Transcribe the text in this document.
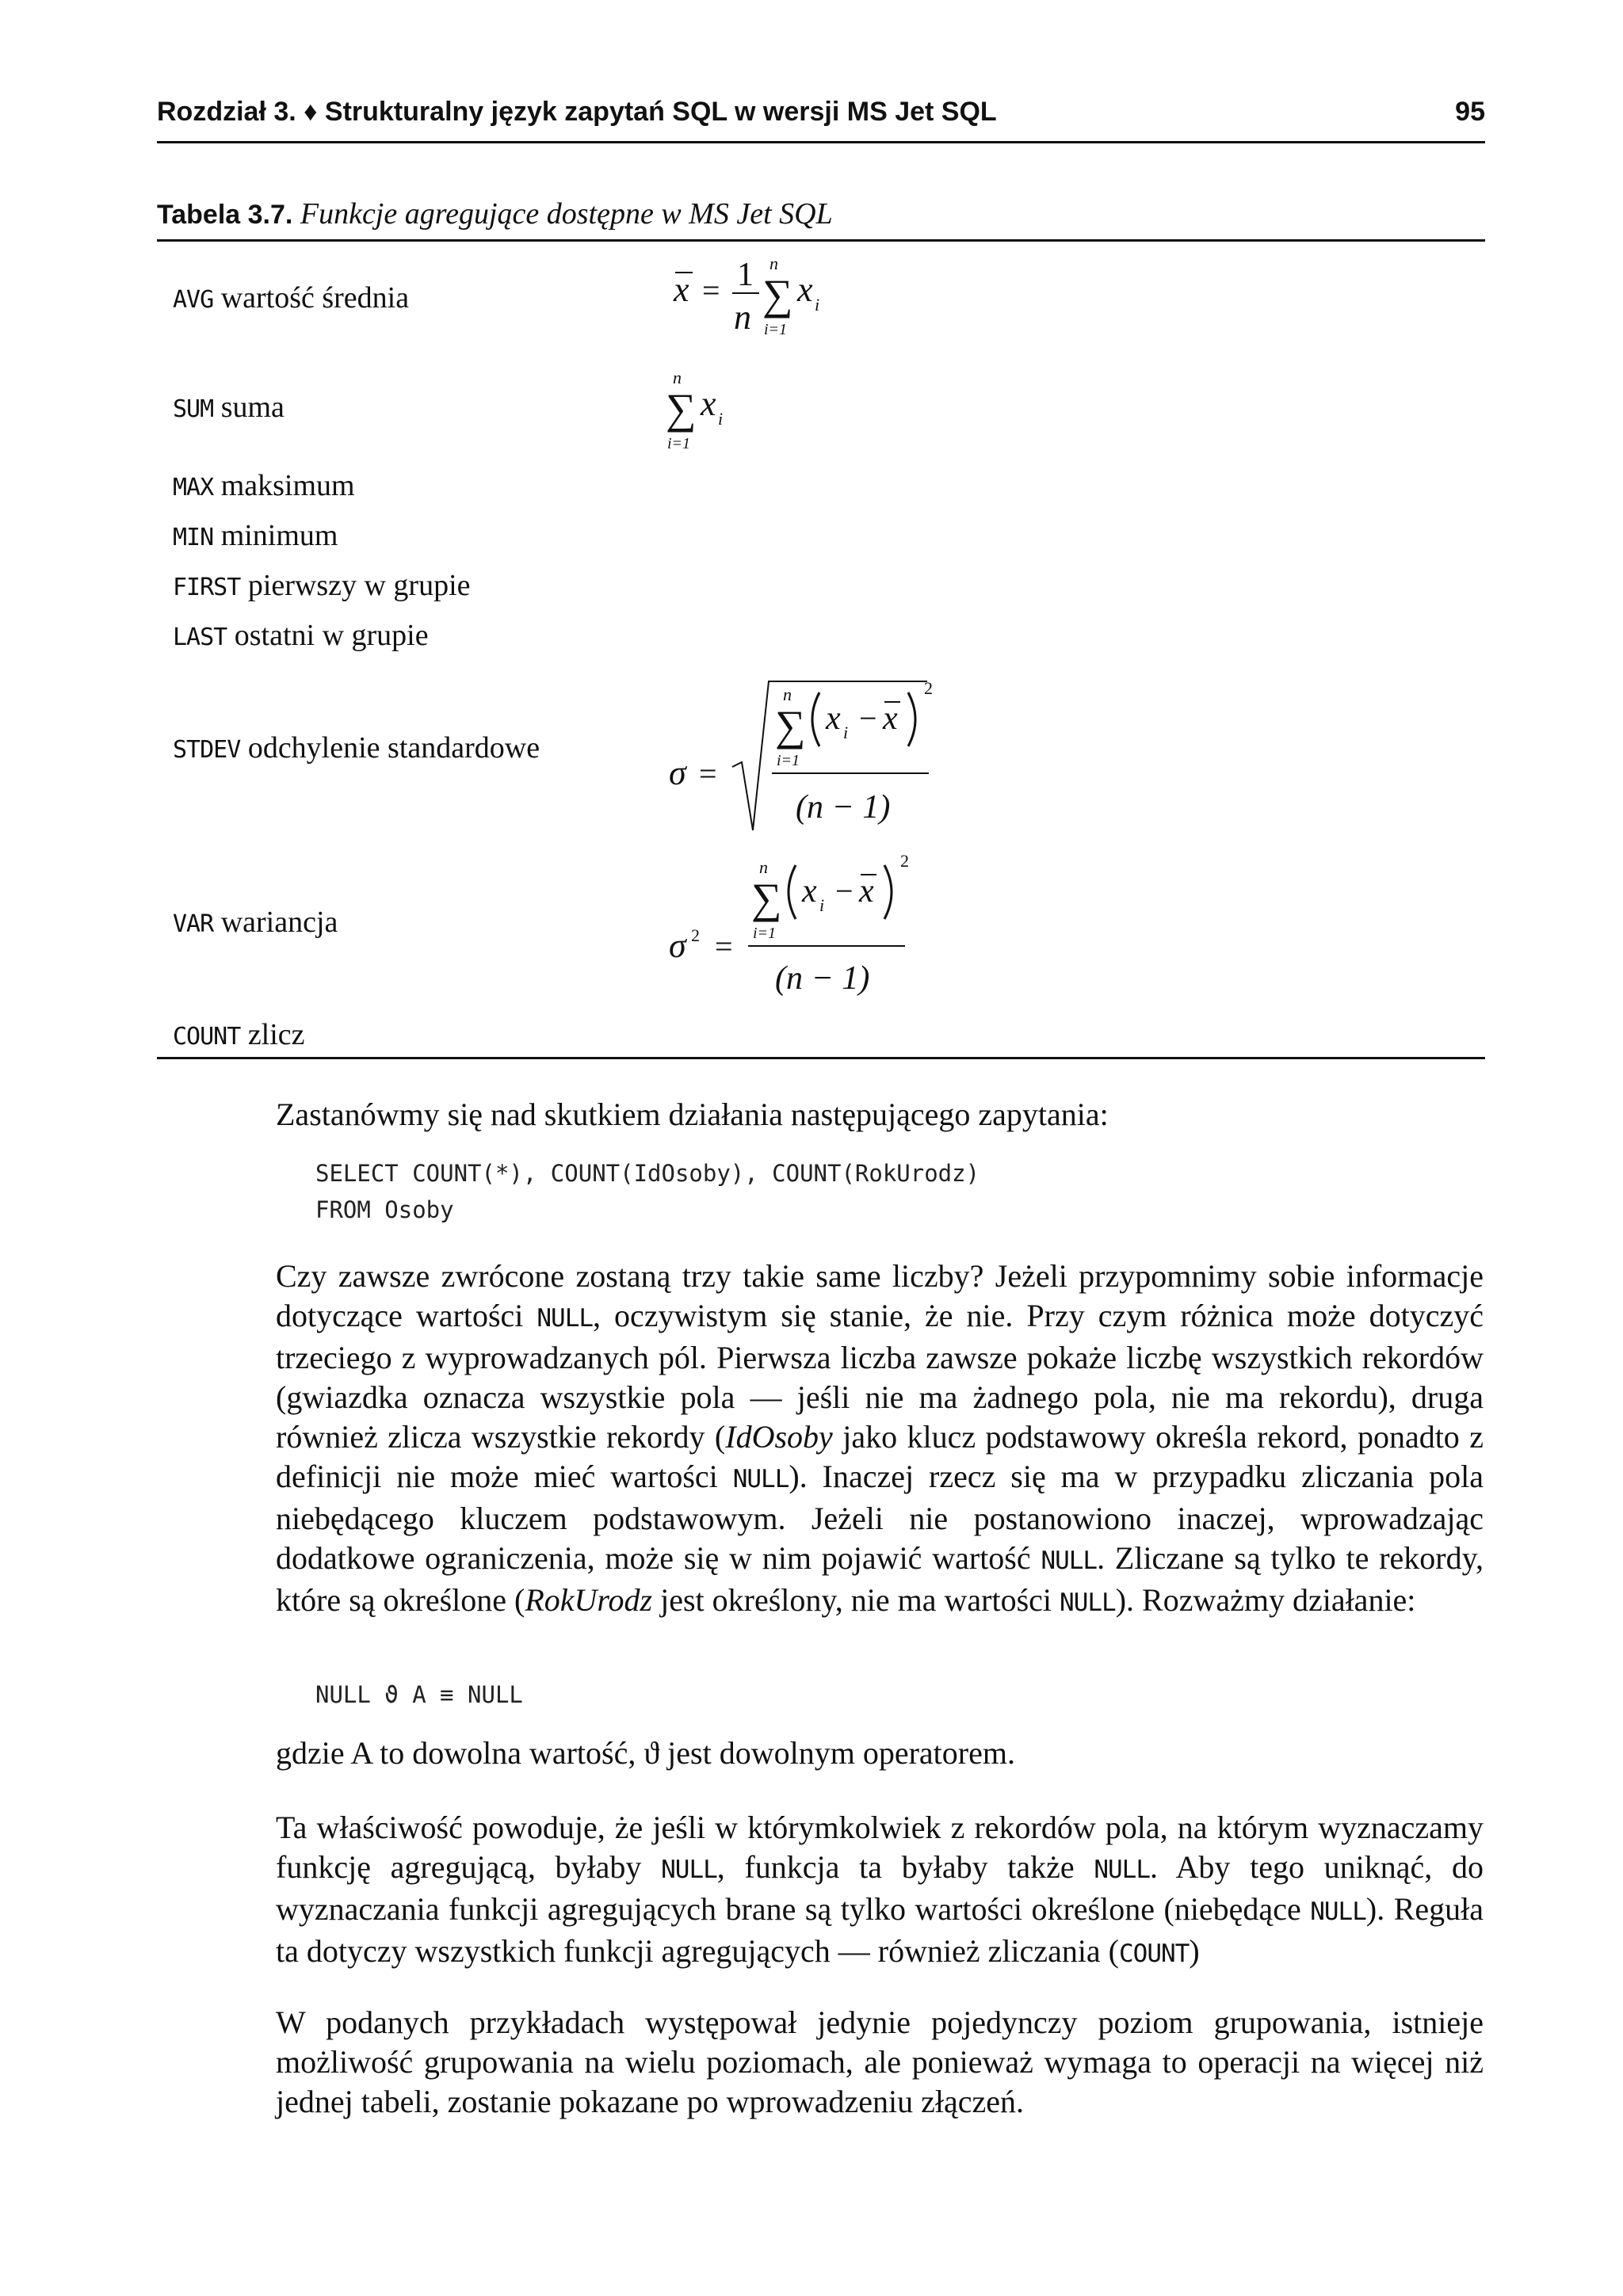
Rozdział 3. ♦ Strukturalny język zapytań SQL w wersji MS Jet SQL	95
Tabela 3.7. Funkcje agregujące dostępne w MS Jet SQL
AVG wartość średnia
SUM suma
MAX maksimum
MIN minimum
FIRST pierwszy w grupie
LAST ostatni w grupie
STDEV odchylenie standardowe
VAR wariancja
COUNT zlicz
x = 1
n
n
∑
i=1
x i
n
∑
i=1
x i
σ =
n
∑
i=1
x i − x
2
(n − 1)
σ 2 =
n
∑
i=1
x i − x
2
(n − 1)

Zastanówmy się nad skutkiem działania następującego zapytania:

SELECT COUNT(*), COUNT(IdOsoby), COUNT(RokUrodz)
FROM Osoby

Czy zawsze zwrócone zostaną trzy takie same liczby? Jeżeli przypomnimy sobie informacje dotyczące wartości NULL, oczywistym się stanie, że nie. Przy czym różnica może dotyczyć trzeciego z wyprowadzanych pól. Pierwsza liczba zawsze pokaże liczbę wszystkich rekordów (gwiazdka oznacza wszystkie pola — jeśli nie ma żadnego pola, nie ma rekordu), druga również zlicza wszystkie rekordy (IdOsoby jako klucz podstawowy określa rekord, ponadto z definicji nie może mieć wartości NULL). Inaczej rzecz się ma w przypadku zliczania pola niebędącego kluczem podstawowym. Jeżeli nie postanowiono inaczej, wprowadzając dodatkowe ograniczenia, może się w nim pojawić wartość NULL. Zliczane są tylko te rekordy, które są określone (RokUrodz jest określony, nie ma wartości NULL). Rozważmy działanie:

NULL ϑ A ≡ NULL

gdzie A to dowolna wartość, ϑ jest dowolnym operatorem.

Ta właściwość powoduje, że jeśli w którymkolwiek z rekordów pola, na którym wyznaczamy funkcję agregującą, byłaby NULL, funkcja ta byłaby także NULL. Aby tego uniknąć, do wyznaczania funkcji agregujących brane są tylko wartości określone (niebędące NULL). Reguła ta dotyczy wszystkich funkcji agregujących — również zliczania (COUNT)

W podanych przykładach występował jedynie pojedynczy poziom grupowania, istnieje możliwość grupowania na wielu poziomach, ale ponieważ wymaga to operacji na więcej niż jednej tabeli, zostanie pokazane po wprowadzeniu złączeń.
